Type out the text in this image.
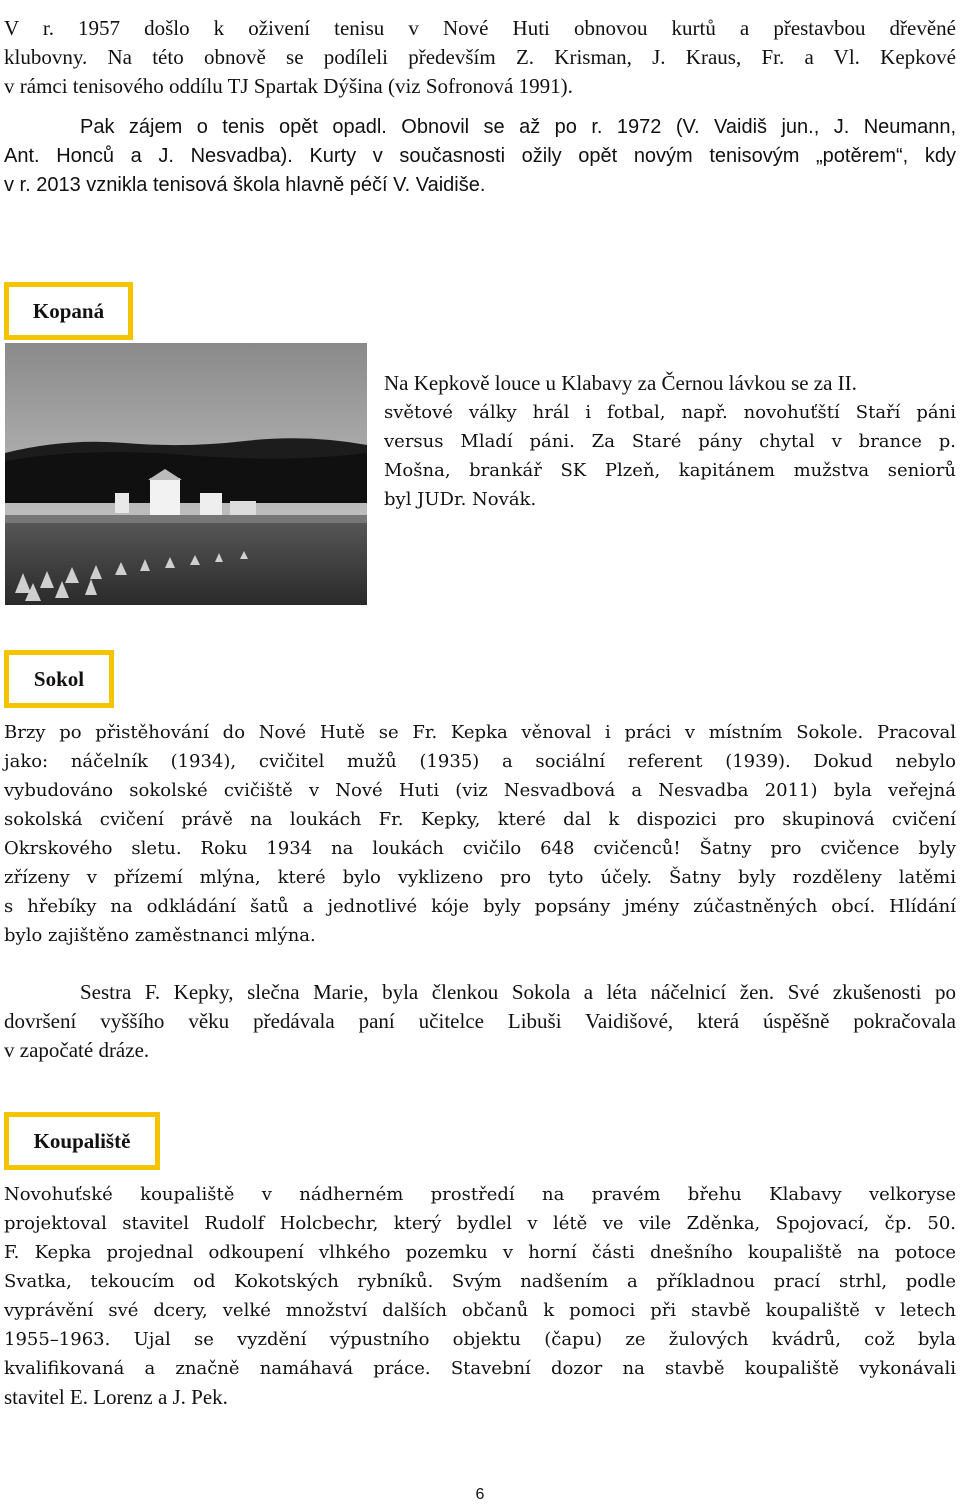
V r. 1957 došlo k oživení tenisu v Nové Huti obnovou kurtů a přestavbou dřevěné
klubovny. Na této obnově se podíleli především Z. Krisman, J. Kraus, Fr. a Vl. Kepkové
v rámci tenisového oddílu TJ Spartak Dýšina (viz Sofronová 1991).
Pak zájem o tenis opět opadl. Obnovil se až po r. 1972 (V. Vaidiš jun., J. Neumann,
Ant. Honců a J. Nesvadba). Kurty v současnosti ožily opět novým tenisovým „potěrem“, kdy
v r. 2013 vznikla tenisová škola hlavně péčí V. Vaidiše.
Kopaná
Na Kepkově louce u Klabavy za Černou lávkou se za II.
světové války hrál i fotbal, např. novohuťští Staří páni
versus Mladí páni. Za Staré pány chytal v brance p.
Mošna, brankář SK Plzeň, kapitánem mužstva seniorů
byl JUDr. Novák.
Sokol
Brzy po přistěhování do Nové Hutě se Fr. Kepka věnoval i práci v místním Sokole. Pracoval
jako: náčelník (1934), cvičitel mužů (1935) a sociální referent (1939). Dokud nebylo
vybudováno sokolské cvičiště v Nové Huti (viz Nesvadbová a Nesvadba 2011) byla veřejná
sokolská cvičení právě na loukách Fr. Kepky, které dal k dispozici pro skupinová cvičení
Okrskového sletu. Roku 1934 na loukách cvičilo 648 cvičenců! Šatny pro cvičence byly
zřízeny v přízemí mlýna, které bylo vyklizeno pro tyto účely. Šatny byly rozděleny latěmi
s hřebíky na odkládání šatů a jednotlivé kóje byly popsány jmény zúčastněných obcí. Hlídání
bylo zajištěno zaměstnanci mlýna.
Sestra F. Kepky, slečna Marie, byla členkou Sokola a léta náčelnicí žen. Své zkušenosti po
dovršení vyššího věku předávala paní učitelce Libuši Vaidišové, která úspěšně pokračovala
v započaté dráze.
Koupaliště
Novohuťské koupaliště v nádherném prostředí na pravém břehu Klabavy velkoryse
projektoval stavitel Rudolf Holcbechr, který bydlel v létě ve vile Zděnka, Spojovací, čp. 50.
F. Kepka projednal odkoupení vlhkého pozemku v horní části dnešního koupaliště na potoce
Svatka, tekoucím od Kokotských rybníků. Svým nadšením a příkladnou prací strhl, podle
vyprávění své dcery, velké množství dalších občanů k pomoci při stavbě koupaliště v letech
1955–1963. Ujal se vyzdění výpustního objektu (čapu) ze žulových kvádrů, což byla
kvalifikovaná a značně namáhavá práce. Stavební dozor na stavbě koupaliště vykonávali
stavitel E. Lorenz a J. Pek.
6
